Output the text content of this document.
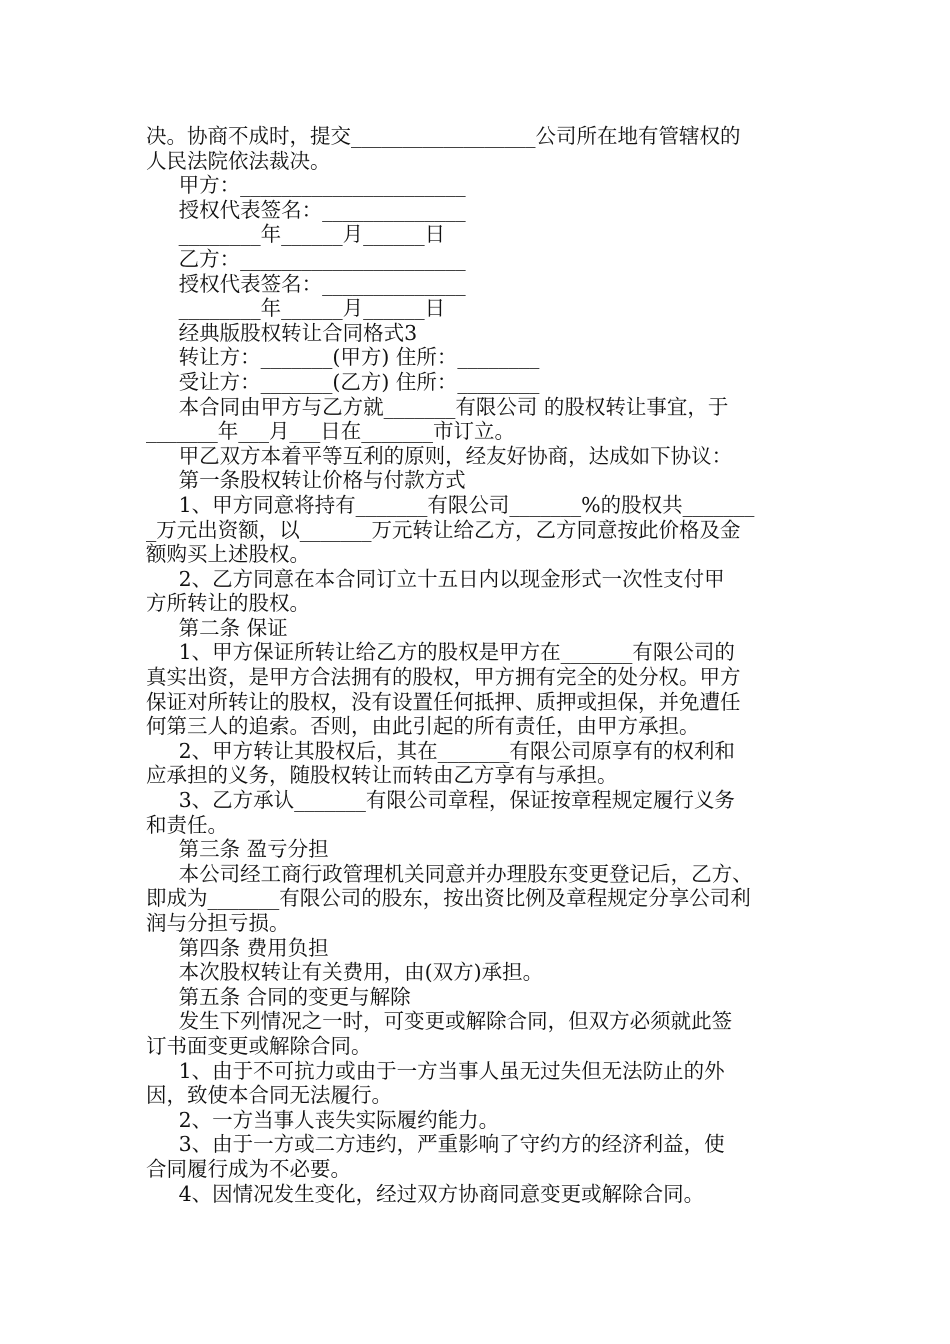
决。协商不成时，提交__________________公司所在地有管辖权的
人民法院依法裁决。
甲方：______________________
授权代表签名：______________
________年______月______日
乙方：______________________
授权代表签名：______________
________年______月______日
经典版股权转让合同格式3
转让方：_______(甲方) 住所：________
受让方：_______(乙方) 住所：________
本合同由甲方与乙方就_______有限公司 的股权转让事宜，于
_______年___月___日在_______市订立。
甲乙双方本着平等互利的原则，经友好协商，达成如下协议：
第一条股权转让价格与付款方式
1、甲方同意将持有_______有限公司_______%的股权共_______
_万元出资额，以_______万元转让给乙方，乙方同意按此价格及金
额购买上述股权。
2、乙方同意在本合同订立十五日内以现金形式一次性支付甲
方所转让的股权。
第二条 保证
1、甲方保证所转让给乙方的股权是甲方在_______有限公司的
真实出资，是甲方合法拥有的股权，甲方拥有完全的处分权。甲方
保证对所转让的股权，没有设置任何抵押、质押或担保，并免遭任
何第三人的追索。否则，由此引起的所有责任，由甲方承担。
2、甲方转让其股权后，其在_______有限公司原享有的权利和
应承担的义务，随股权转让而转由乙方享有与承担。
3、乙方承认_______有限公司章程，保证按章程规定履行义务
和责任。
第三条 盈亏分担
本公司经工商行政管理机关同意并办理股东变更登记后，乙方、
即成为_______有限公司的股东，按出资比例及章程规定分享公司利
润与分担亏损。
第四条 费用负担
本次股权转让有关费用，由(双方)承担。
第五条 合同的变更与解除
发生下列情况之一时，可变更或解除合同，但双方必须就此签
订书面变更或解除合同。
1、由于不可抗力或由于一方当事人虽无过失但无法防止的外
因，致使本合同无法履行。
2、一方当事人丧失实际履约能力。
3、由于一方或二方违约，严重影响了守约方的经济利益，使
合同履行成为不必要。
4、因情况发生变化，经过双方协商同意变更或解除合同。
